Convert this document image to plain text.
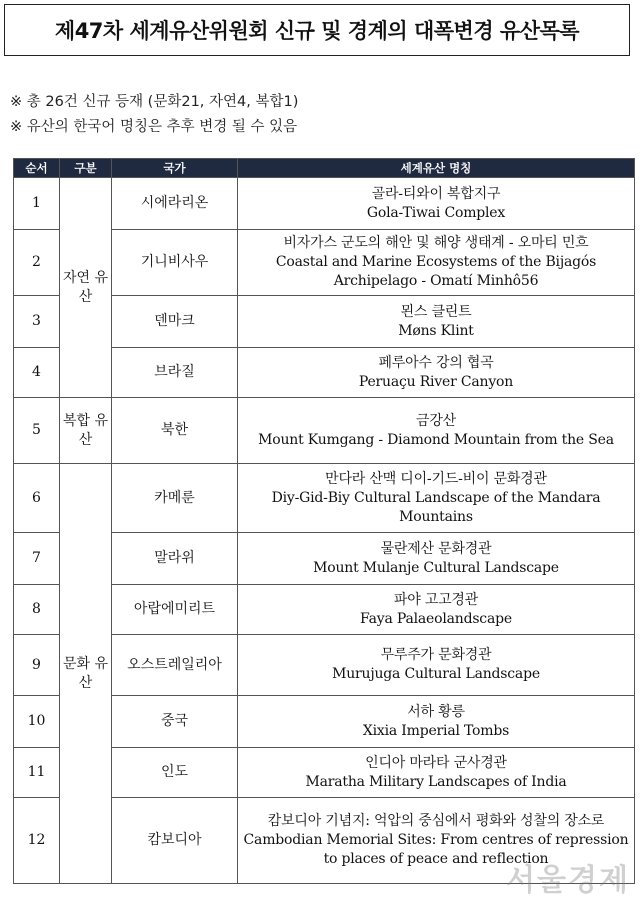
제47차 세계유산위원회 신규 및 경계의 대폭변경 유산목록
※ 총 26건 신규 등재 (문화21, 자연4, 복합1)
※ 유산의 한국어 명칭은 추후 변경 될 수 있음
순서	구분	국가	세계유산 명칭
1	자연 유산	시에라리온	골라-티와이 복합지구
Gola-Tiwai Complex

2		기니비사우	비자가스 군도의 해안 및 해양 생태계 - 오마티 민흐
Coastal and Marine Ecosystems of the Bijagós Archipelago - Omatí Minhô56

3		덴마크	묀스 클린트
Møns Klint

4		브라질	페루아수 강의 협곡
Peruaçu River Canyon

5	복합 유산	북한	금강산
Mount Kumgang - Diamond Mountain from the Sea

6	문화 유산	카메룬	만다라 산맥 디이-기드-비이 문화경관
Diy-Gid-Biy Cultural Landscape of the Mandara Mountains

7		말라위	물란제산 문화경관
Mount Mulanje Cultural Landscape

8		아랍에미리트	파야 고고경관
Faya Palaeolandscape

9		오스트레일리아	무루주가 문화경관
Murujuga Cultural Landscape

10		중국	서하 황릉
Xixia Imperial Tombs

11		인도	인디아 마라타 군사경관
Maratha Military Landscapes of India

12		캄보디아	캄보디아 기념지: 억압의 중심에서 평화와 성찰의 장소로
Cambodian Memorial Sites: From centres of repression to places of peace and reflection
서울경제
